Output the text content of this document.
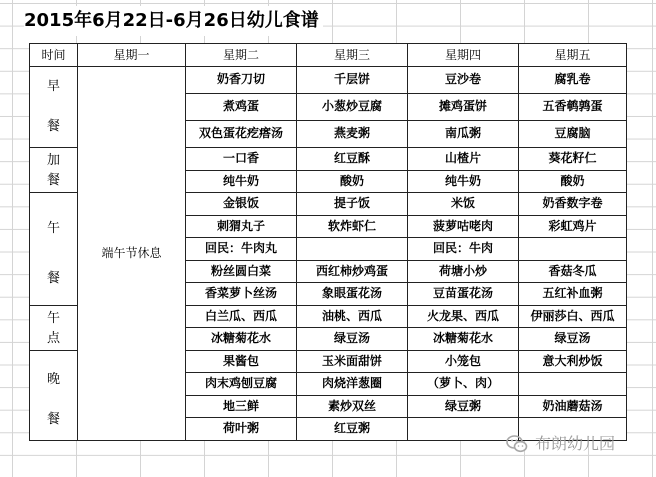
2015年6月22日-6月26日幼儿食谱
时间	星期一	星期二	星期三	星期四	星期五

早
餐	端午节休息	奶香刀切	千层饼	豆沙卷	腐乳卷
		煮鸡蛋	小葱炒豆腐	摊鸡蛋饼	五香鹌鹑蛋
		双色蛋花疙瘩汤	燕麦粥	南瓜粥	豆腐脑

加
餐		一口香	红豆酥	山楂片	葵花籽仁
		纯牛奶	酸奶	纯牛奶	酸奶

午
餐		金银饭	提子饭	米饭	奶香数字卷
		刺猬丸子	软炸虾仁	菠萝咕咾肉	彩虹鸡片
		回民：牛肉丸		回民：牛肉	
		粉丝圆白菜	西红柿炒鸡蛋	荷塘小炒	香菇冬瓜
		香菜萝卜丝汤	象眼蛋花汤	豆苗蛋花汤	五红补血粥

午
点		白兰瓜、西瓜	油桃、西瓜	火龙果、西瓜	伊丽莎白、西瓜
		冰糖菊花水	绿豆汤	冰糖菊花水	绿豆汤

晚
餐		果酱包	玉米面甜饼	小笼包	意大利炒饭
		肉末鸡刨豆腐	肉烧洋葱圈	（萝卜、肉）	
		地三鲜	素炒双丝	绿豆粥	奶油蘑菇汤
		荷叶粥	红豆粥		
布朗幼儿园
